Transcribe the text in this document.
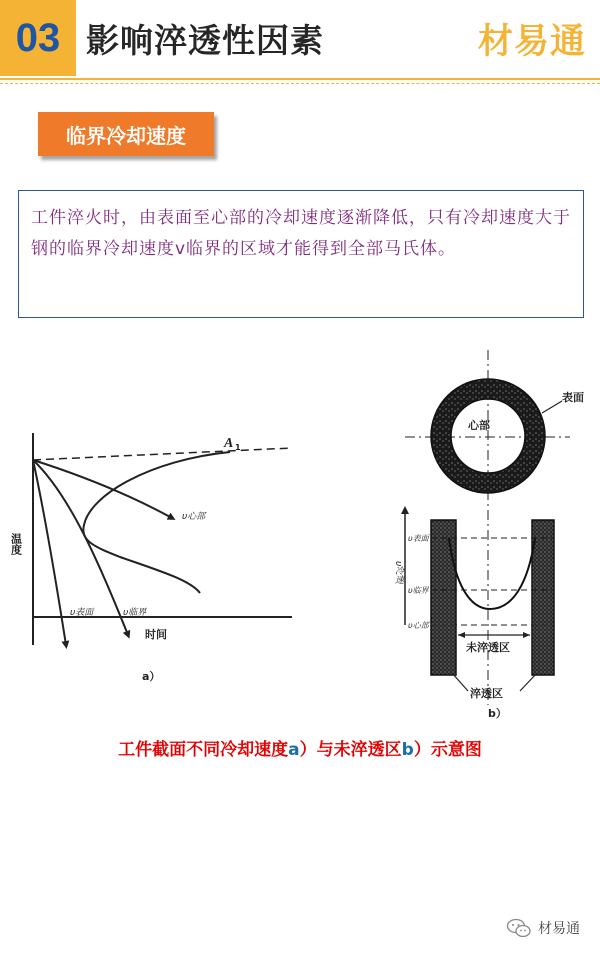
03 影响淬透性因素	材易通
临界冷却速度

工件淬火时，由表面至心部的冷却速度逐渐降低，只有冷却速度大于钢的临界冷却速度v临界的区域才能得到全部马氏体。

温度
时间
A 1
υ心部
υ表面	υ临界
a）
心部
表面
υ冷速
υ表面
υ临界
υ心部
未淬透区
淬透区
b）
工件截面不同冷却速度a）与未淬透区b）示意图
材易通
